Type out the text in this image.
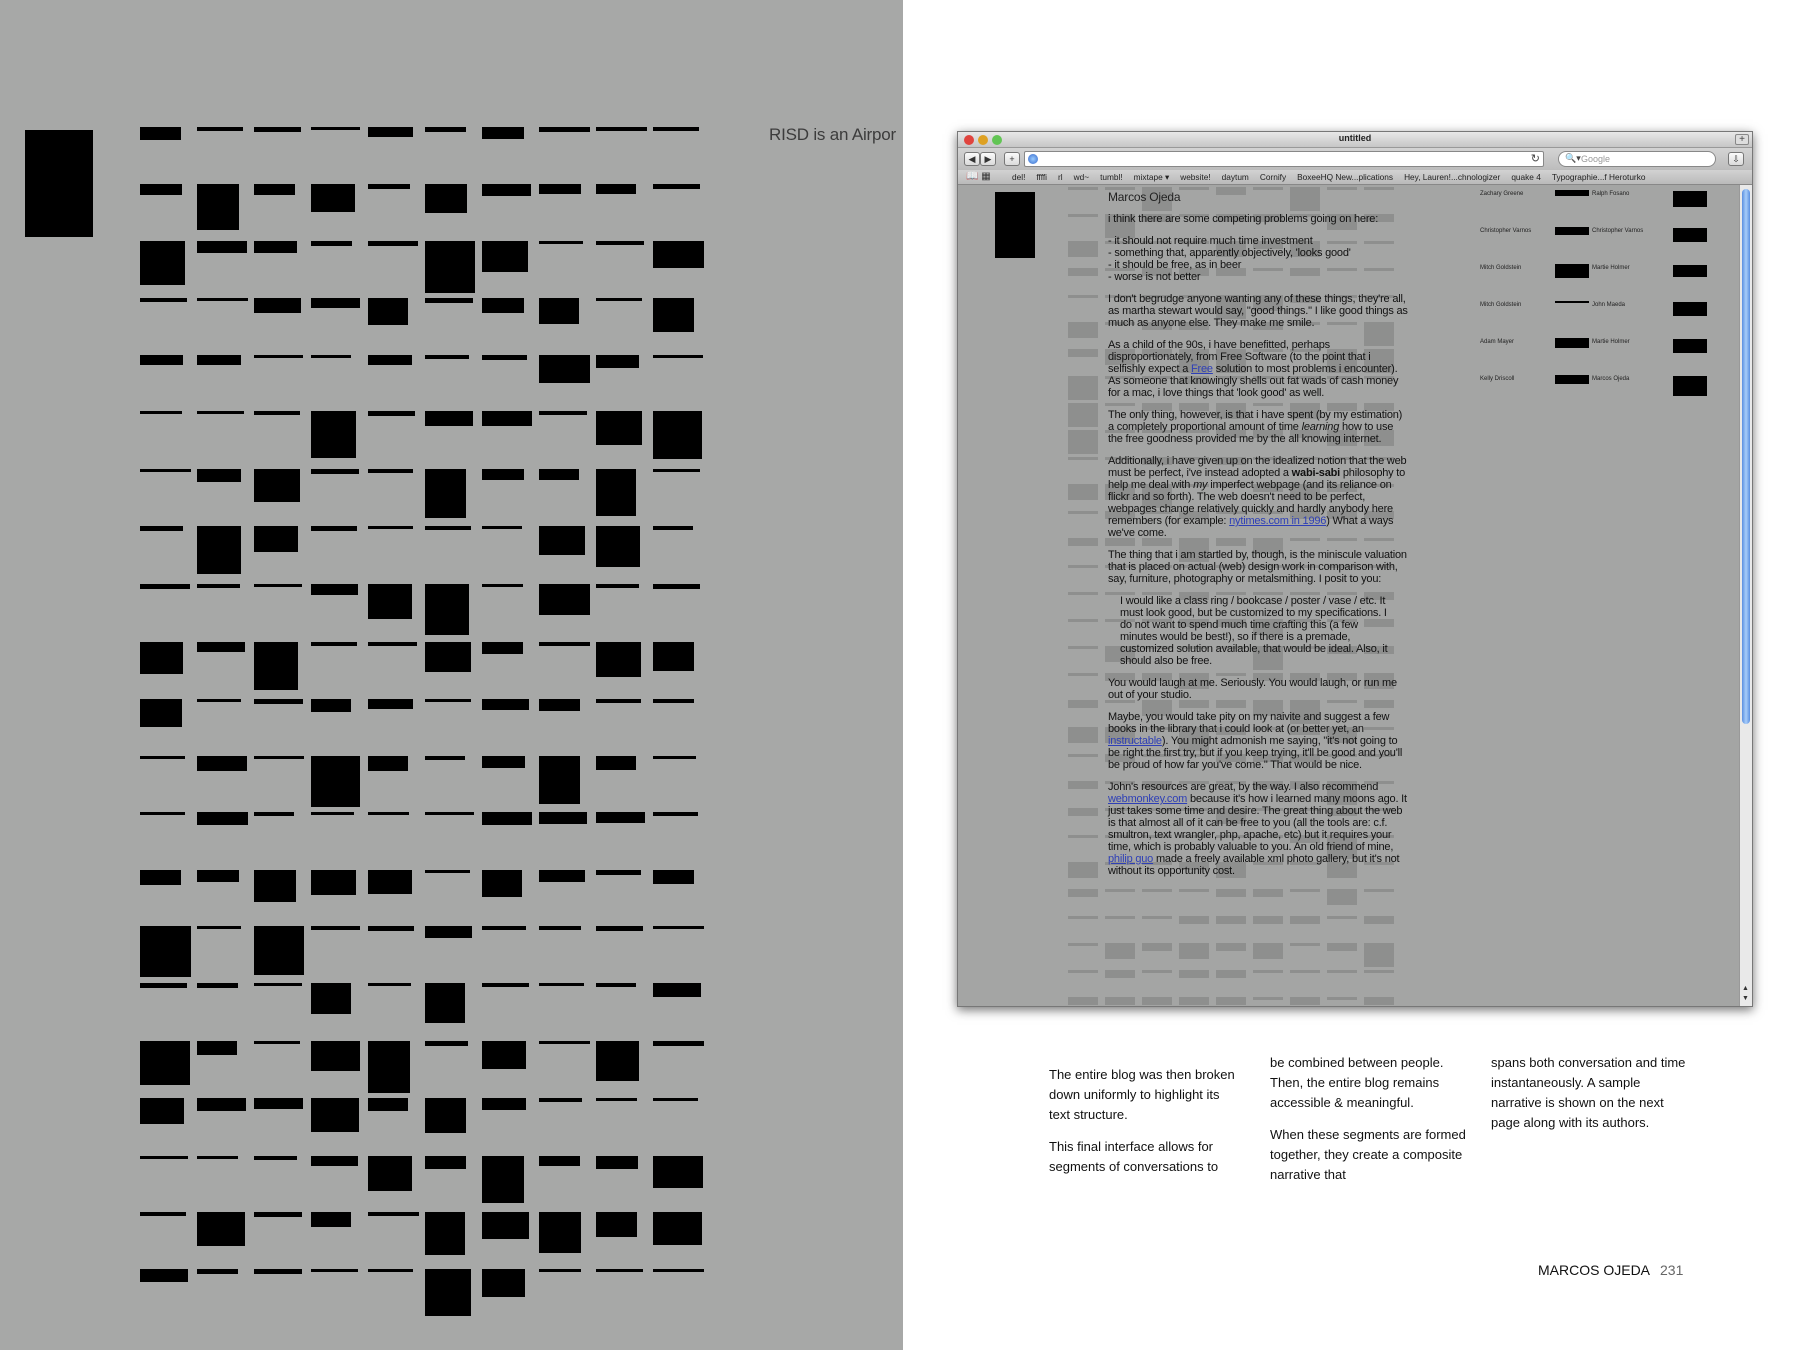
RISD is an Airpor	untitled	+
◀	▶	+	↻	🔍▾ Google	⇩
📖 ▦	del! ffffi rl wd~ tumbl! mixtape ▾ website! daytum Cornify BoxeeHQ New...plications Hey, Lauren!...chnologizer quake 4 Typographie...f Heroturko

Marcos Ojeda

i think there are some competing problems going on here:

- it should not require much time investment
- something that, apparently objectively, 'looks good'
- it should be free, as in beer
- worse is not better

I don't begrudge anyone wanting any of these things, they're all, as martha stewart would say, "good things." I like good things as much as anyone else. They make me smile.

As a child of the 90s, i have benefitted, perhaps disproportionately, from Free Software (to the point that i selfishly expect a Free solution to most problems i encounter). As someone that knowingly shells out fat wads of cash money for a mac, i love things that 'look good' as well.

The only thing, however, is that i have spent (by my estimation) a completely proportional amount of time learning how to use the free goodness provided me by the all knowing internet.

Additionally, i have given up on the idealized notion that the web must be perfect, i've instead adopted a wabi-sabi philosophy to help me deal with my imperfect webpage (and its reliance on flickr and so forth). The web doesn't need to be perfect, webpages change relatively quickly and hardly anybody here remembers (for example: nytimes.com in 1996) What a ways we've come.

The thing that i am startled by, though, is the miniscule valuation that is placed on actual (web) design work in comparison with, say, furniture, photography or metalsmithing. I posit to you:

I would like a class ring / bookcase / poster / vase / etc. It must look good, but be customized to my specifications. I do not want to spend much time crafting this (a few minutes would be best!), so if there is a premade, customized solution available, that would be ideal. Also, it should also be free.

You would laugh at me. Seriously. You would laugh, or run me out of your studio.

Maybe, you would take pity on my naivite and suggest a few books in the library that i could look at (or better yet, an instructable). You might admonish me saying, "it's not going to be right the first try, but if you keep trying, it'll be good and you'll be proud of how far you've come." That would be nice.

John's resources are great, by the way. I also recommend webmonkey.com because it's how i learned many moons ago. It just takes some time and desire. The great thing about the web is that almost all of it can be free to you (all the tools are: c.f. smultron, text wrangler, php, apache, etc) but it requires your time, which is probably valuable to you. An old friend of mine, philip guo made a freely available xml photo gallery, but it's not without its opportunity cost.

Zachary Greene	Ralph Fosano
Christopher Varnos	Christopher Varnos
Mitch Goldstein	Martie Holmer
Mitch Goldstein	John Maeda
Adam Mayer	Martie Holmer
Kelly Driscoll	Marcos Ojeda
▲
▼

The entire blog was then broken down uniformly to highlight its text structure.

This final interface allows for segments of conversations to

be combined between people. Then, the entire blog remains accessible & meaningful.

When these segments are formed together, they create a composite narrative that

spans both conversation and time instantaneously. A sample narrative is shown on the next page along with its authors.

MARCOS OJEDA 231
